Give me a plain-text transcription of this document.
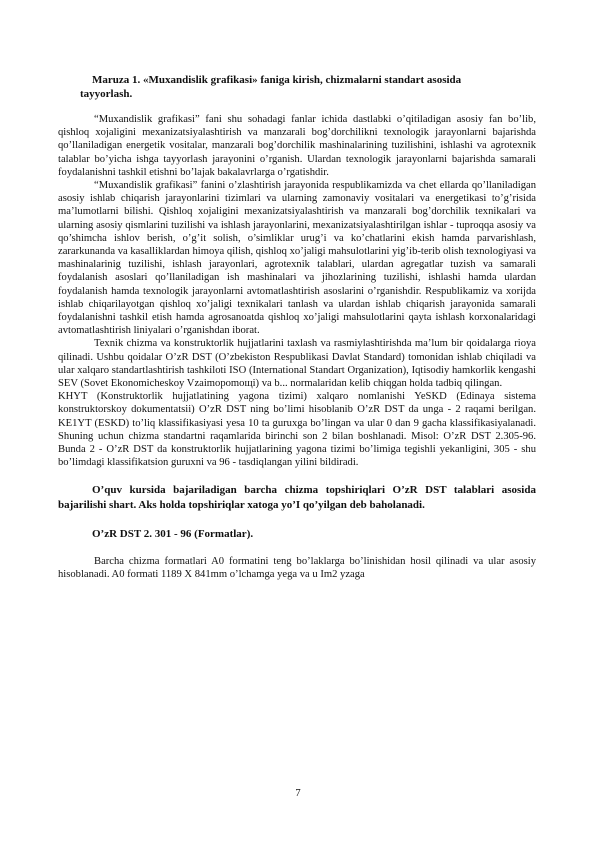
Maruza 1. «Muxandislik grafikasi» faniga kirish, chizmalarni standart asosida
tayyorlash.

“Muxandislik grafikasi” fani shu sohadagi fanlar ichida dastlabki o’qitiladigan asosiy fan bo’lib, qishloq xojaligini mexanizatsiyalashtirish va manzarali bog’dorchilikni texnologik jarayonlarni bajarishda qo’llaniladigan energetik vositalar, manzarali bog’dorchilik mashinalarining tuzilishini, ishlashi va agrotexnik talablar bo’yicha ishga tayyorlash jarayonini o’rganish. Ulardan texnologik jarayonlarni bajarishda samarali foydalanishni tashkil etishni bo’lajak bakalavrlarga o’rgatishdir.

“Muxandislik grafikasi” fanini o’zlashtirish jarayonida respublikamizda va chet ellarda qo’llaniladigan asosiy ishlab chiqarish jarayonlarini tizimlari va ularning zamonaviy vositalari va energetikasi to’g’risida ma’lumotlarni bilishi. Qishloq xojaligini mexanizatsiyalashtirish va manzarali bog’dorchilik texnikalari va ularning asosiy qismlarini tuzilishi va ishlash jarayonlarini, mexanizatsiyalashtirilgan ishlar - tuproqqa asosiy va qo’shimcha ishlov berish, o’g’it solish, o’simliklar urug’i va ko’chatlarini ekish hamda parvarishlash, zararkunanda va kasalliklardan himoya qilish, qishloq xo’jaligi mahsulotlarini yig’ib-terib olish texnologiyasi va mashinalarinig tuzilishi, ishlash jarayonlari, agrotexnik talablari, ulardan agregatlar tuzish va samarali foydalanish asoslari qo’llaniladigan ish mashinalari va jihozlarining tuzilishi, ishlashi hamda ulardan foydalanish hamda texnologik jarayonlarni avtomatlashtirish asoslarini o’rganishdir. Respublikamiz va xorijda ishlab chiqarilayotgan qishloq xo’jaligi texnikalari tanlash va ulardan ishlab chiqarish jarayonida samarali foydalanishni tashkil etish hamda agrosanoatda qishloq xo’jaligi mahsulotlarini qayta ishlash korxonalaridagi avtomatlashtirish liniyalari o’rganishdan iborat.

Texnik chizma va konstruktorlik hujjatlarini taxlash va rasmiylashtirishda ma’lum bir qoidalarga rioya qilinadi. Ushbu qoidalar O’zR DST (O’zbekiston Respublikasi Davlat Standard) tomonidan ishlab chiqiladi va ular xalqaro standartlashtirish tashkiloti ISO (International Standart Organization), Iqtisodiy hamkorlik kengashi SEV (Sovet Ekonomicheskoy Vzaimopomoщi) va b... normalaridan kelib chiqgan holda tadbiq qilingan.

KHYT (Konstruktorlik hujjatlatining yagona tizimi) xalqaro nomlanishi YeSKD (Edinaya sistema konstruktorskoy dokumentatsii) O’zR DST ning bo’limi hisoblanib O’zR DST da unga - 2 raqami berilgan. KE1YT (ESKD) to’liq klassifikasiyasi yesa 10 ta guruxga bo’lingan va ular 0 dan 9 gacha klassifikasiyalanadi. Shuning uchun chizma standartni raqamlarida birinchi son 2 bilan boshlanadi. Misol: O’zR DST 2.305-96. Bunda 2 - O’zR DST da konstruktorlik hujjatlarining yagona tizimi bo’limiga tegishli yekanligini, 305 - shu bo’limdagi klassifikatsion guruxni va 96 - tasdiqlangan yilini bildiradi.

O’quv kursida bajariladigan barcha chizma topshiriqlari O’zR DST talablari asosida bajarilishi shart. Aks holda topshiriqlar xatoga yo’I qo’yilgan deb baholanadi.

O’zR DST 2. 301 - 96 (Formatlar).

Barcha chizma formatlari A0 formatini teng bo’laklarga bo’linishidan hosil qilinadi va ular asosiy hisoblanadi. A0 formati 1189 X 841mm o’lchamga yega va u Im2 yzaga

7
